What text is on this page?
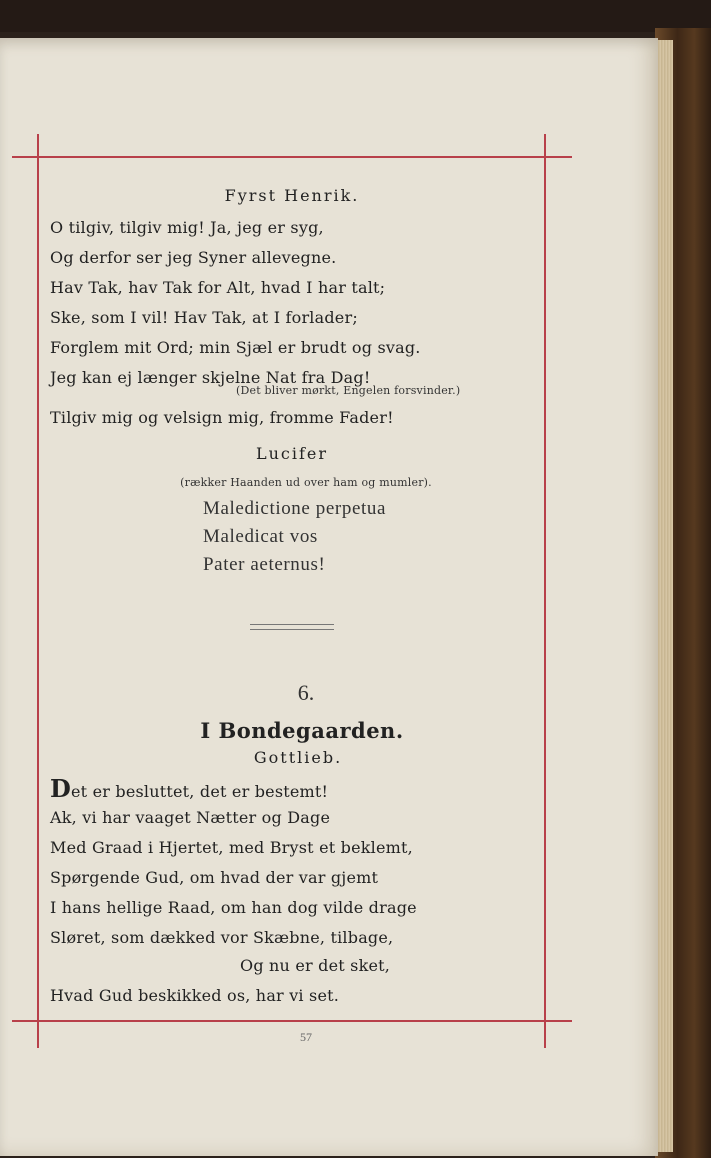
Fyrst Henrik.
O tilgiv, tilgiv mig! Ja, jeg er syg,
Og derfor ser jeg Syner allevegne.
Hav Tak, hav Tak for Alt, hvad I har talt;
Ske, som I vil! Hav Tak, at I forlader;
Forglem mit Ord; min Sjæl er brudt og svag.
Jeg kan ej længer skjelne Nat fra Dag!
(Det bliver mørkt, Engelen forsvinder.)
Tilgiv mig og velsign mig, fromme Fader!
Lucifer
(rækker Haanden ud over ham og mumler).
Maledictione perpetua
Maledicat vos
Pater aeternus!
6.
I Bondegaarden.
Gottlieb.
Det er besluttet, det er bestemt!
Ak, vi har vaaget Nætter og Dage
Med Graad i Hjertet, med Bryst et beklemt,
Spørgende Gud, om hvad der var gjemt
I hans hellige Raad, om han dog vilde drage
Sløret, som dækked vor Skæbne, tilbage,
Og nu er det sket,
Hvad Gud beskikked os, har vi set.
57
